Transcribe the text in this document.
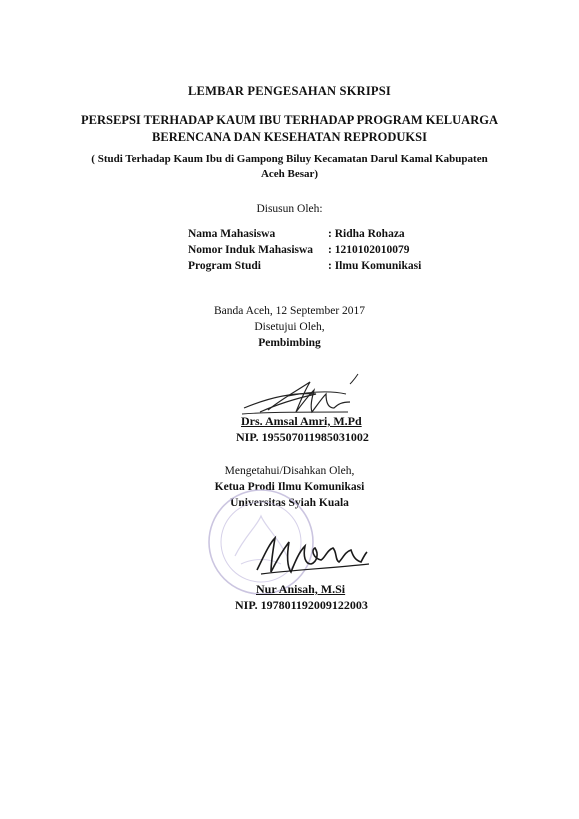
LEMBAR PENGESAHAN SKRIPSI
PERSEPSI TERHADAP KAUM IBU TERHADAP PROGRAM KELUARGA
BERENCANA DAN KESEHATAN REPRODUKSI
( Studi Terhadap Kaum Ibu di Gampong Biluy Kecamatan Darul Kamal Kabupaten
Aceh Besar)
Disusun Oleh:
Nama Mahasiswa	: Ridha Rohaza
Nomor Induk Mahasiswa	: 1210102010079
Program Studi	: Ilmu Komunikasi
Banda Aceh, 12 September 2017
Disetujui Oleh,
Pembimbing
Drs. Amsal Amri, M.Pd
NIP. 195507011985031002
Mengetahui/Disahkan Oleh,
Ketua Prodi Ilmu Komunikasi
Universitas Syiah Kuala
Nur Anisah, M.Si
NIP. 197801192009122003
